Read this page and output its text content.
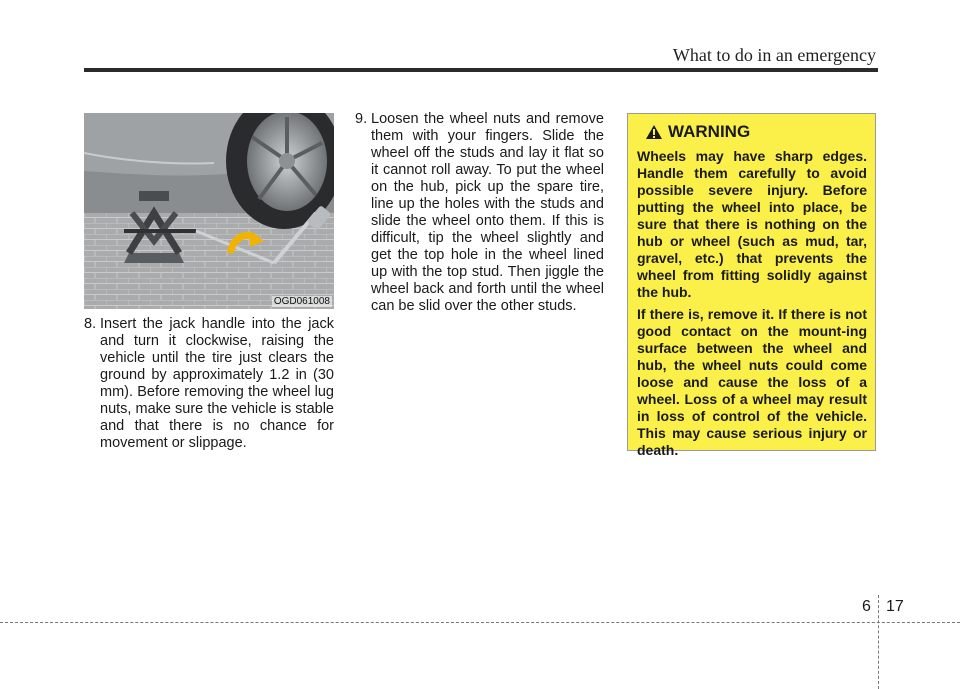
What to do in an emergency
OGD061008
8. Insert the jack handle into the jack and turn it clockwise, raising the vehicle until the tire just clears the ground by approximately 1.2 in (30 mm). Before removing the wheel lug nuts, make sure the vehicle is stable and that there is no chance for movement or slippage.
9. Loosen the wheel nuts and remove them with your fingers. Slide the wheel off the studs and lay it flat so it cannot roll away. To put the wheel on the hub, pick up the spare tire, line up the holes with the studs and slide the wheel onto them. If this is difficult, tip the wheel slightly and get the top hole in the wheel lined up with the top stud. Then jiggle the wheel back and forth until the wheel can be slid over the other studs.
WARNING

Wheels may have sharp edges. Handle them carefully to avoid possible severe injury. Before putting the wheel into place, be sure that there is nothing on the hub or wheel (such as mud, tar, gravel, etc.) that prevents the wheel from fitting solidly against the hub.

If there is, remove it. If there is not good contact on the mount-ing surface between the wheel and hub, the wheel nuts could come loose and cause the loss of a wheel. Loss of a wheel may result in loss of control of the vehicle. This may cause serious injury or death.

6 17
